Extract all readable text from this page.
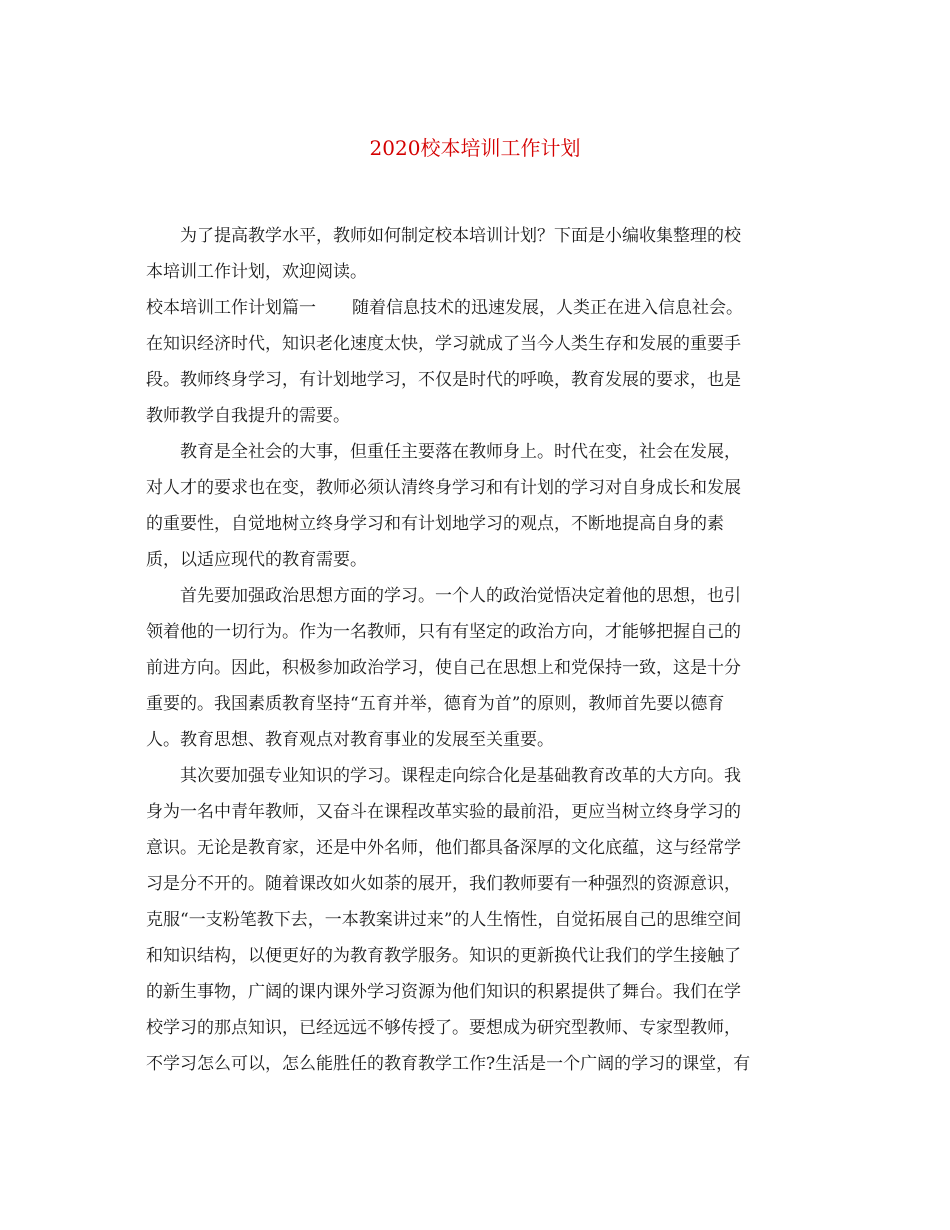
2020校本培训工作计划

为了提高教学水平，教师如何制定校本培训计划？下面是小编收集整理的校

本培训工作计划，欢迎阅读。

校本培训工作计划篇一 随着信息技术的迅速发展，人类正在进入信息社会。

在知识经济时代，知识老化速度太快，学习就成了当今人类生存和发展的重要手

段。教师终身学习，有计划地学习，不仅是时代的呼唤，教育发展的要求，也是

教师教学自我提升的需要。

教育是全社会的大事，但重任主要落在教师身上。时代在变，社会在发展，

对人才的要求也在变，教师必须认清终身学习和有计划的学习对自身成长和发展

的重要性，自觉地树立终身学习和有计划地学习的观点，不断地提高自身的素

质，以适应现代的教育需要。

首先要加强政治思想方面的学习。一个人的政治觉悟决定着他的思想，也引

领着他的一切行为。作为一名教师，只有有坚定的政治方向，才能够把握自己的

前进方向。因此，积极参加政治学习，使自己在思想上和党保持一致，这是十分

重要的。我国素质教育坚持“五育并举，德育为首”的原则，教师首先要以德育

人。教育思想、教育观点对教育事业的发展至关重要。

其次要加强专业知识的学习。课程走向综合化是基础教育改革的大方向。我

身为一名中青年教师，又奋斗在课程改革实验的最前沿，更应当树立终身学习的

意识。无论是教育家，还是中外名师，他们都具备深厚的文化底蕴，这与经常学

习是分不开的。随着课改如火如荼的展开，我们教师要有一种强烈的资源意识，

克服“一支粉笔教下去，一本教案讲过来”的人生惰性，自觉拓展自己的思维空间

和知识结构，以便更好的为教育教学服务。知识的更新换代让我们的学生接触了

的新生事物，广阔的课内课外学习资源为他们知识的积累提供了舞台。我们在学

校学习的那点知识，已经远远不够传授了。要想成为研究型教师、专家型教师，

不学习怎么可以，怎么能胜任的教育教学工作?生活是一个广阔的学习的课堂，有
